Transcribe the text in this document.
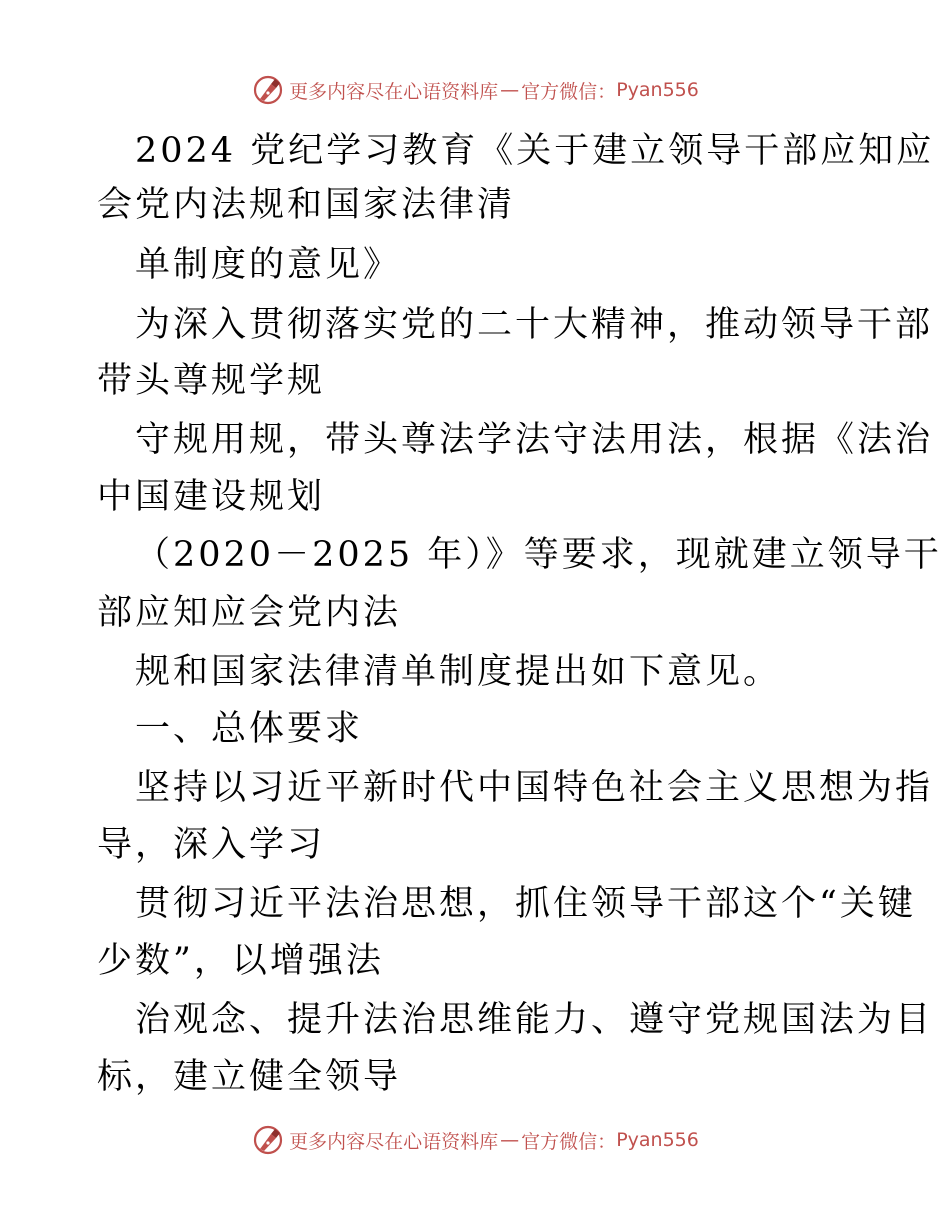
更多内容尽在心语资料库 — 官方微信： Pyan556
2024 党纪学习教育《关于建立领导干部应知应
会党内法规和国家法律清
单制度的意见》
为深入贯彻落实党的二十大精神，推动领导干部
带头尊规学规
守规用规，带头尊法学法守法用法，根据《法治
中国建设规划
（2020－2025 年）》等要求，现就建立领导干
部应知应会党内法
规和国家法律清单制度提出如下意见。
一、总体要求
坚持以习近平新时代中国特色社会主义思想为指
导，深入学习
贯彻习近平法治思想，抓住领导干部这个“关键
少数”，以增强法
治观念、提升法治思维能力、遵守党规国法为目
标，建立健全领导
更多内容尽在心语资料库 — 官方微信： Pyan556
